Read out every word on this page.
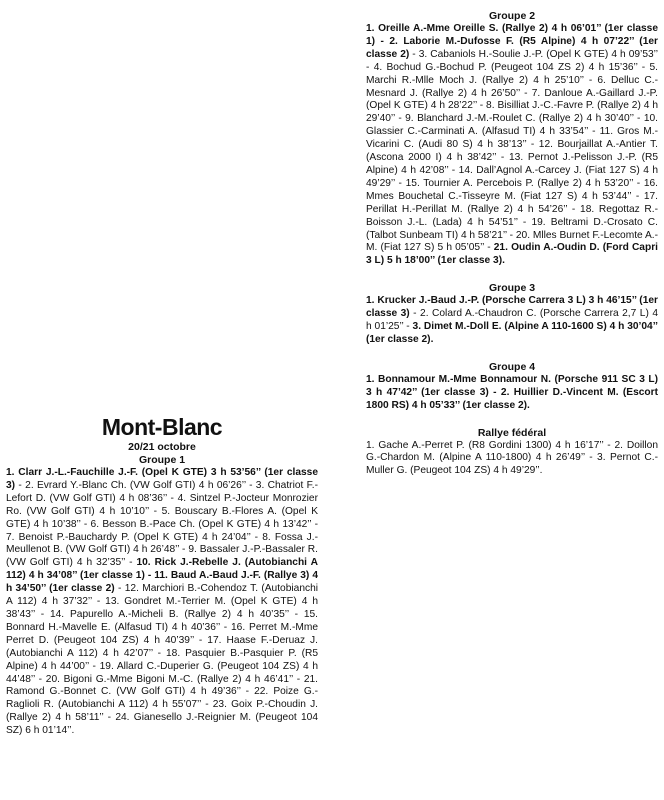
Mont-Blanc

20/21 octobre

Groupe 1

1. Clarr J.-L.-Fauchille J.-F. (Opel K GTE) 3 h 53’56’’ (1er classe 3) - 2. Evrard Y.-Blanc Ch. (VW Golf GTI) 4 h 06’26’’ - 3. Chatriot F.-Lefort D. (VW Golf GTI) 4 h 08’36’’ - 4. Sintzel P.-Jocteur Monrozier Ro. (VW Golf GTI) 4 h 10’10’’ - 5. Bouscary B.-Flores A. (Opel K GTE) 4 h 10’38’’ - 6. Besson B.-Pace Ch. (Opel K GTE) 4 h 13’42’’ - 7. Benoist P.-Bauchardy P. (Opel K GTE) 4 h 24’04’’ - 8. Fossa J.-Meullenot B. (VW Golf GTI) 4 h 26’48’’ - 9. Bassaler J.-P.-Bassaler R. (VW Golf GTI) 4 h 32’35’’ - 10. Rick J.-Rebelle J. (Autobianchi A 112) 4 h 34’08’’ (1er classe 1) - 11. Baud A.-Baud J.-F. (Rallye 3) 4 h 34’50’’ (1er classe 2) - 12. Marchiori B.-Cohendoz T. (Autobianchi A 112) 4 h 37’32’’ - 13. Gondret M.-Terrier M. (Opel K GTE) 4 h 38’43’’ - 14. Papurello A.-Micheli B. (Rallye 2) 4 h 40’35’’ - 15. Bonnard H.-Mavelle E. (Alfasud TI) 4 h 40’36’’ - 16. Perret M.-Mme Perret D. (Peugeot 104 ZS) 4 h 40’39’’ - 17. Haase F.-Deruaz J. (Autobianchi A 112) 4 h 42’07’’ - 18. Pasquier B.-Pasquier P. (R5 Alpine) 4 h 44’00’’ - 19. Allard C.-Duperier G. (Peugeot 104 ZS) 4 h 44’48’’ - 20. Bigoni G.-Mme Bigoni M.-C. (Rallye 2) 4 h 46’41’’ - 21. Ramond G.-Bonnet C. (VW Golf GTI) 4 h 49’36’’ - 22. Poize G.-Raglioli R. (Autobianchi A 112) 4 h 55’07’’ - 23. Goix P.-Choudin J. (Rallye 2) 4 h 58’11’’ - 24. Gianesello J.-Reignier M. (Peugeot 104 SZ) 6 h 01’14’’.

Groupe 2

1. Oreille A.-Mme Oreille S. (Rallye 2) 4 h 06’01’’ (1er classe 1) - 2. Laborie M.-Dufosse F. (R5 Alpine) 4 h 07’22’’ (1er classe 2) - 3. Cabaniols H.-Soulie J.-P. (Opel K GTE) 4 h 09’53’’ - 4. Bochud G.-Bochud P. (Peugeot 104 ZS 2) 4 h 15’36’’ - 5. Marchi R.-Mlle Moch J. (Rallye 2) 4 h 25’10’’ - 6. Delluc C.-Mesnard J. (Rallye 2) 4 h 26’50’’ - 7. Danloue A.-Gaillard J.-P. (Opel K GTE) 4 h 28’22’’ - 8. Bisilliat J.-C.-Favre P. (Rallye 2) 4 h 29’40’’ - 9. Blanchard J.-M.-Roulet C. (Rallye 2) 4 h 30’40’’ - 10. Glassier C.-Carminati A. (Alfasud TI) 4 h 33’54’’ - 11. Gros M.-Vicarini C. (Audi 80 S) 4 h 38’13’’ - 12. Bourjaillat A.-Antier T. (Ascona 2000 I) 4 h 38’42’’ - 13. Pernot J.-Pelisson J.-P. (R5 Alpine) 4 h 42’08’’ - 14. Dall’Agnol A.-Carcey J. (Fiat 127 S) 4 h 49’29’’ - 15. Tournier A. Percebois P. (Rallye 2) 4 h 53’20’’ - 16. Mmes Bouchetal C.-Tisseyre M. (Fiat 127 S) 4 h 53’44’’ - 17. Perillat H.-Perillat M. (Rallye 2) 4 h 54’26’’ - 18. Regottaz R.-Boisson J.-L. (Lada) 4 h 54’51’’ - 19. Beltrami D.-Crosato C. (Talbot Sunbeam TI) 4 h 58’21’’ - 20. Mlles Burnet F.-Lecomte A.-M. (Fiat 127 S) 5 h 05’05’’ - 21. Oudin A.-Oudin D. (Ford Capri 3 L) 5 h 18’00’’ (1er classe 3).

Groupe 3

1. Krucker J.-Baud J.-P. (Porsche Carrera 3 L) 3 h 46’15’’ (1er classe 3) - 2. Colard A.-Chaudron C. (Porsche Carrera 2,7 L) 4 h 01’25’’ - 3. Dimet M.-Doll E. (Alpine A 110-1600 S) 4 h 30’04’’ (1er classe 2).

Groupe 4

1. Bonnamour M.-Mme Bonnamour N. (Porsche 911 SC 3 L) 3 h 47’42’’ (1er classe 3) - 2. Huillier D.-Vincent M. (Escort 1800 RS) 4 h 05’33’’ (1er classe 2).

Rallye fédéral

1. Gache A.-Perret P. (R8 Gordini 1300) 4 h 16’17’’ - 2. Doillon G.-Chardon M. (Alpine A 110-1800) 4 h 26’49’’ - 3. Pernot C.-Muller G. (Peugeot 104 ZS) 4 h 49’29’’.
